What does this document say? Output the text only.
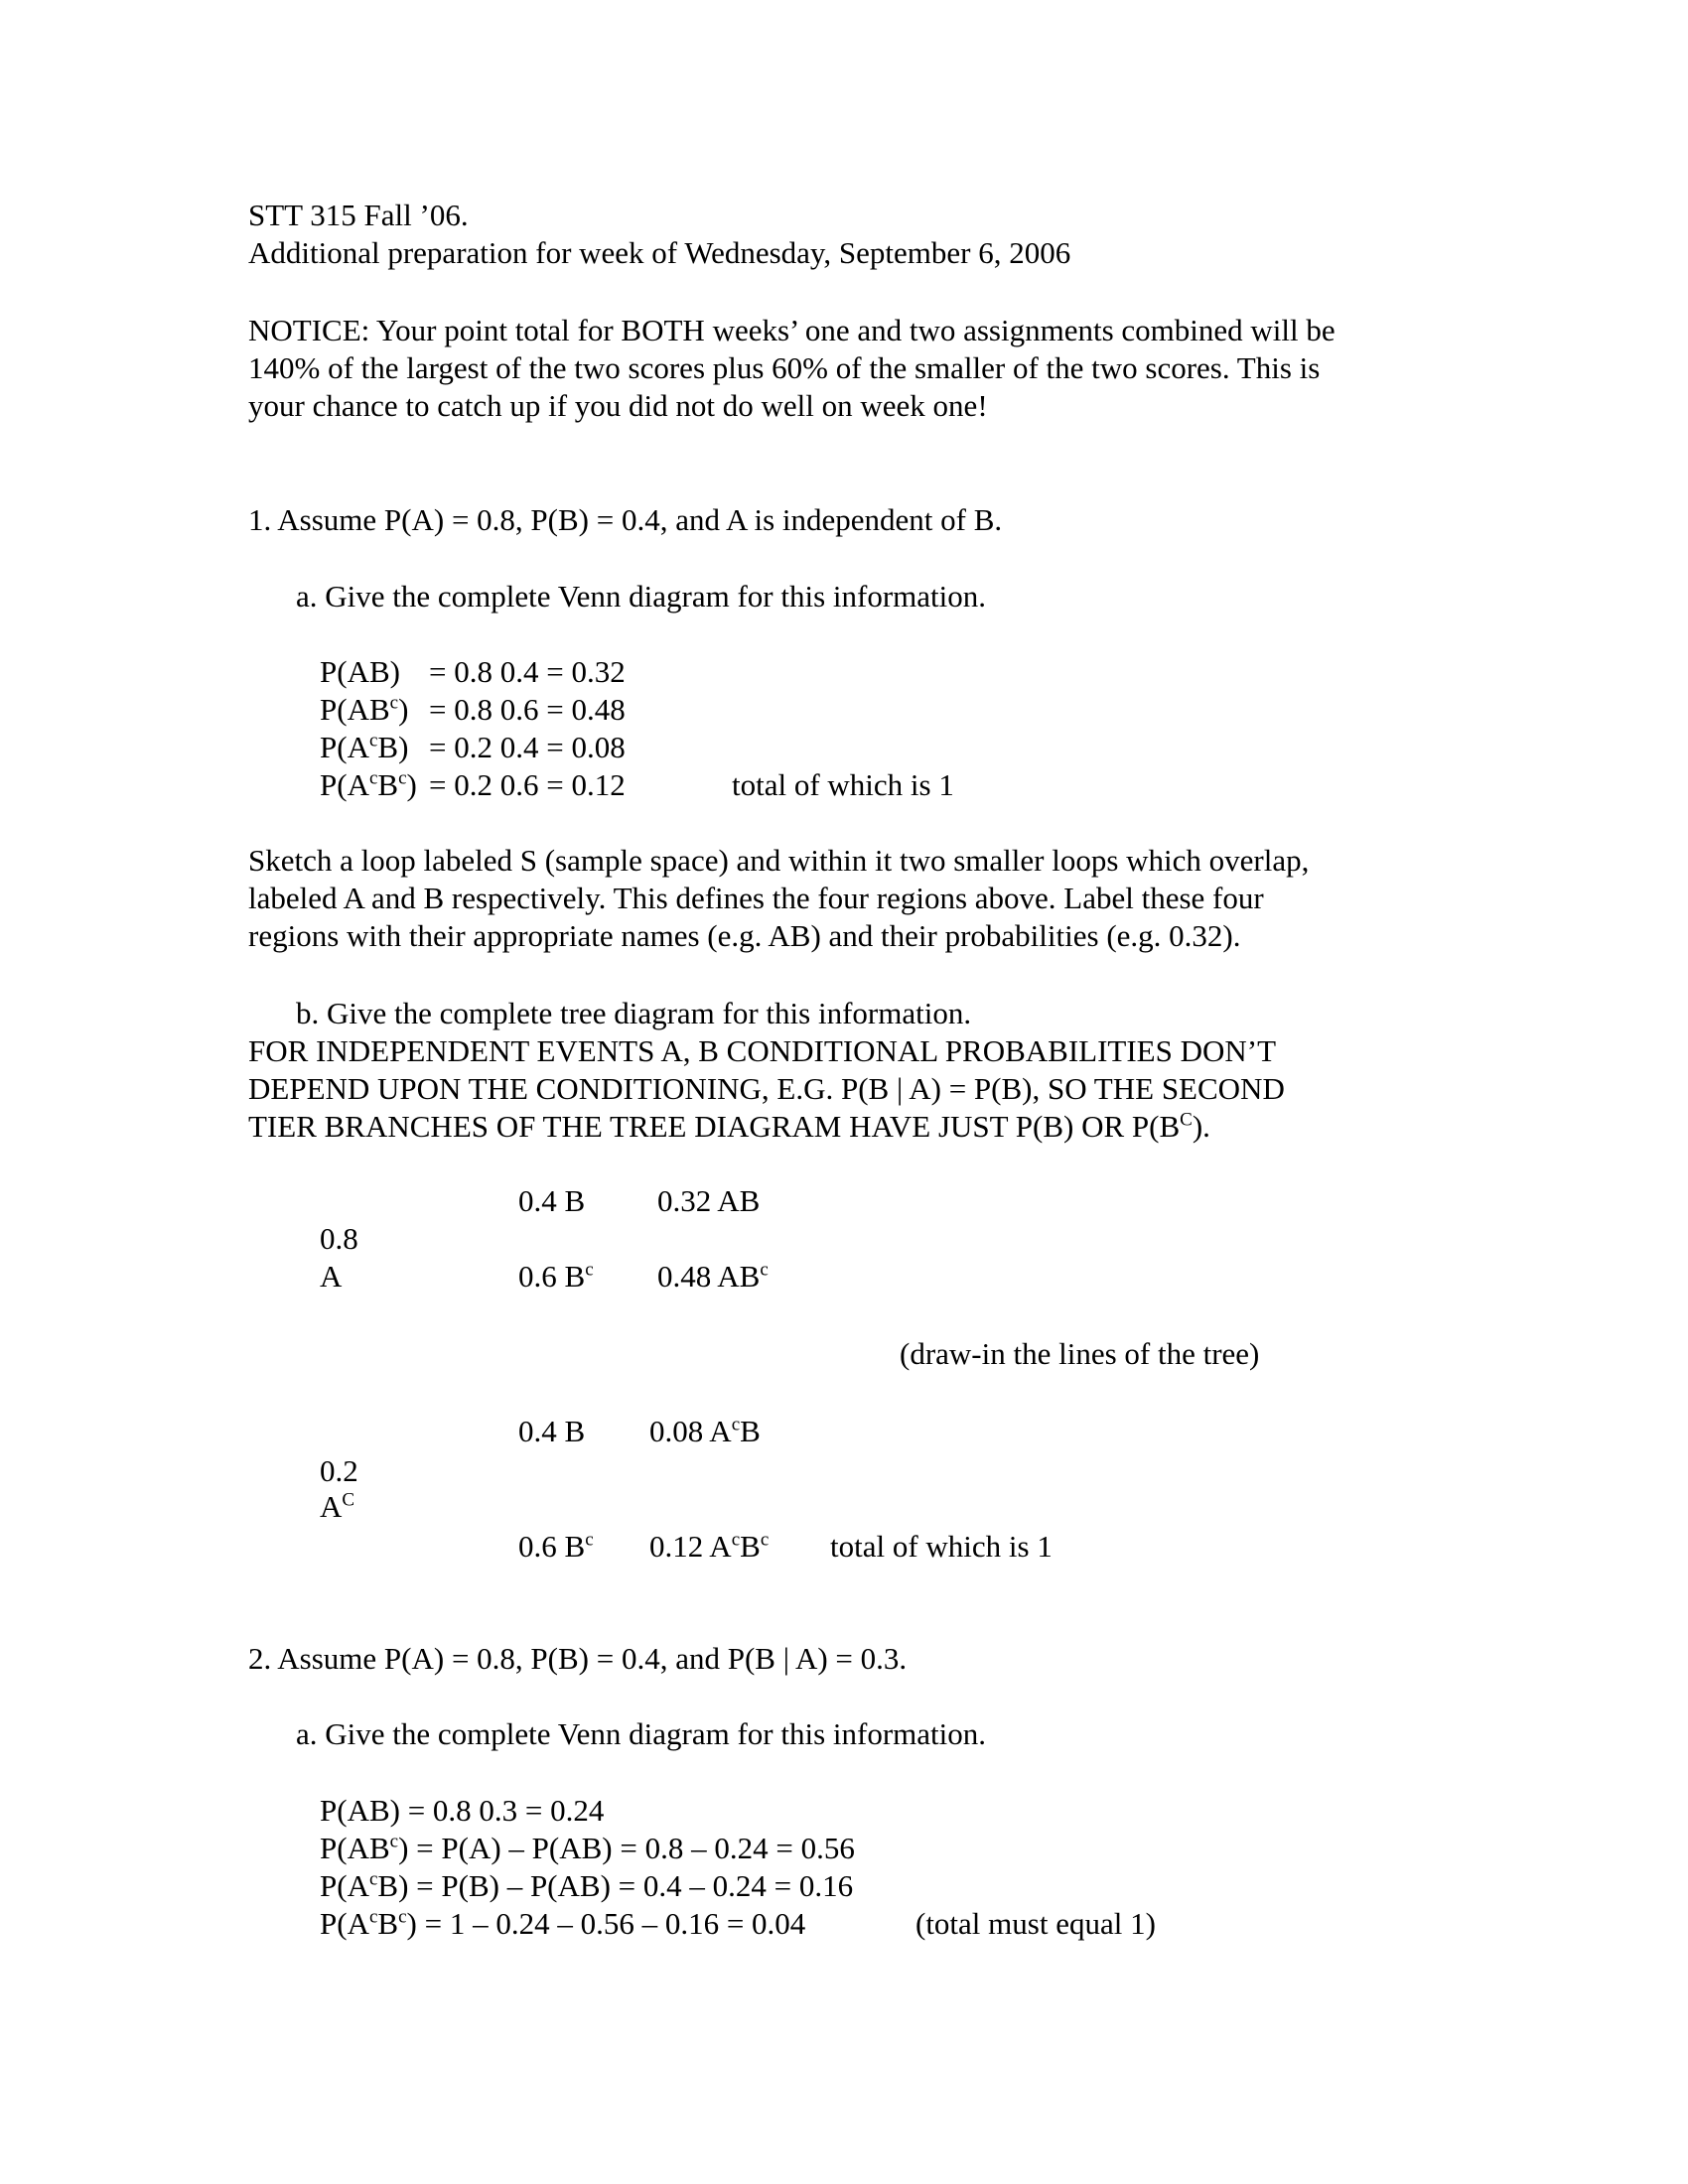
STT 315 Fall ’06.
Additional preparation for week of Wednesday, September 6, 2006
NOTICE: Your point total for BOTH weeks’ one and two assignments combined will be
140% of the largest of the two scores plus 60% of the smaller of the two scores. This is
your chance to catch up if you did not do well on week one!
1. Assume P(A) = 0.8, P(B) = 0.4, and A is independent of B.
a. Give the complete Venn diagram for this information.
P(AB) = 0.8 0.4 = 0.32
$P(AB^c) = 0.8$ 0.6 = 0.48
$P(A^cB) = 0.2$ 0.4 = 0.08
$P(A^cB^c) = 0.2$ 0.6 = 0.12	total of which is 1
Sketch a loop labeled S (sample space) and within it two smaller loops which overlap,
labeled A and B respectively. This defines the four regions above. Label these four
regions with their appropriate names (e.g. AB) and their probabilities (e.g. 0.32).
b. Give the complete tree diagram for this information.
FOR INDEPENDENT EVENTS A, B CONDITIONAL PROBABILITIES DON’T
DEPEND UPON THE CONDITIONING, E.G. P(B | A) = P(B), SO THE SECOND
TIER BRANCHES OF THE TREE DIAGRAM HAVE JUST P(B) OR $P(B^C)$.
0.8
A
0.4 B 0.32 AB
0.6 $B^c$ 0.48 $AB^c$
(draw-in the lines of the tree)
0.4 B 0.08 $A^cB$
0.2
$A^C$
0.6 $B^c$ 0.12 $A^cB^c$ total of which is 1
2. Assume P(A) = 0.8, P(B) = 0.4, and P(B | A) = 0.3.
a. Give the complete Venn diagram for this information.
P(AB) = 0.8 0.3 = 0.24
$P(AB^c) = P(A) - P(AB) = 0.8 - 0.24 = 0.56$
$P(A^cB) = P(B) - P(AB) = 0.4 - 0.24 = 0.16$
$P(A^cB^c) = 1 - 0.24 - 0.56 - 0.16 = 0.04$	(total must equal 1)
